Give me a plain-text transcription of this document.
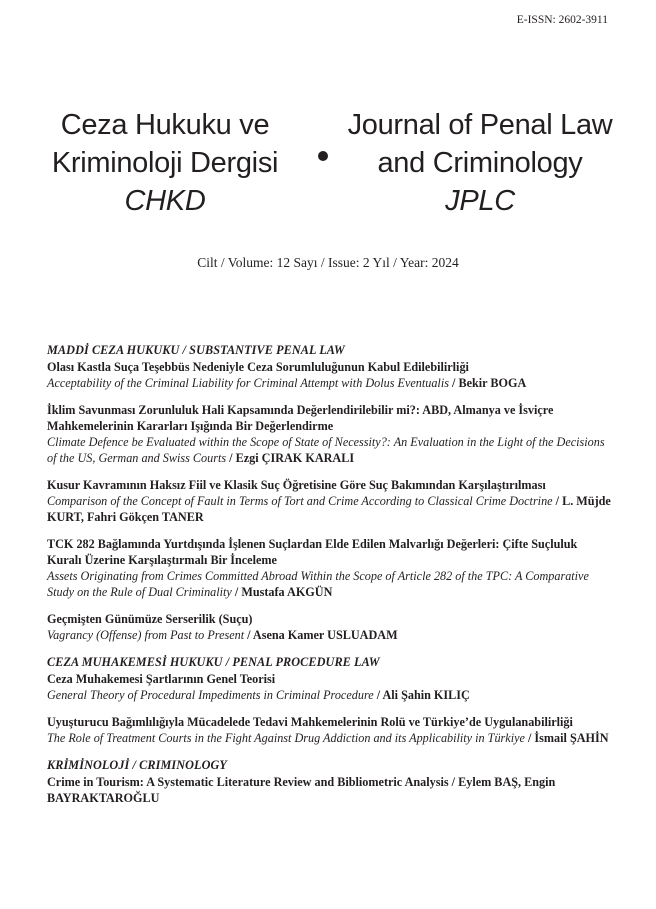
E-ISSN: 2602-3911
Ceza Hukuku ve
Kriminoloji Dergisi
CHKD
Journal of Penal Law
and Criminology
JPLC
Cilt / Volume: 12 Sayı / Issue: 2 Yıl / Year: 2024
MADDİ CEZA HUKUKU / SUBSTANTIVE PENAL LAW
Olası Kastla Suça Teşebbüs Nedeniyle Ceza Sorumluluğunun Kabul Edilebilirliği
Acceptability of the Criminal Liability for Criminal Attempt with Dolus Eventualis / Bekir BOGA
İklim Savunması Zorunluluk Hali Kapsamında Değerlendirilebilir mi?: ABD, Almanya ve İsviçre Mahkemelerinin Kararları Işığında Bir Değerlendirme
Climate Defence be Evaluated within the Scope of State of Necessity?: An Evaluation in the Light of the Decisions of the US, German and Swiss Courts / Ezgi ÇIRAK KARALI
Kusur Kavramının Haksız Fiil ve Klasik Suç Öğretisine Göre Suç Bakımından Karşılaştırılması
Comparison of the Concept of Fault in Terms of Tort and Crime According to Classical Crime Doctrine / L. Müjde KURT, Fahri Gökçen TANER
TCK 282 Bağlamında Yurtdışında İşlenen Suçlardan Elde Edilen Malvarlığı Değerleri: Çifte Suçluluk Kuralı Üzerine Karşılaştırmalı Bir İnceleme
Assets Originating from Crimes Committed Abroad Within the Scope of Article 282 of the TPC: A Comparative Study on the Rule of Dual Criminality / Mustafa AKGÜN
Geçmişten Günümüze Serserilik (Suçu)
Vagrancy (Offense) from Past to Present / Asena Kamer USLUADAM
CEZA MUHAKEMESİ HUKUKU / PENAL PROCEDURE LAW
Ceza Muhakemesi Şartlarının Genel Teorisi
General Theory of Procedural Impediments in Criminal Procedure / Ali Şahin KILIÇ
Uyuşturucu Bağımlılığıyla Mücadelede Tedavi Mahkemelerinin Rolü ve Türkiye’de Uygulanabilirliği
The Role of Treatment Courts in the Fight Against Drug Addiction and its Applicability in Türkiye / İsmail ŞAHİN
KRİMİNOLOJİ / CRIMINOLOGY
Crime in Tourism: A Systematic Literature Review and Bibliometric Analysis / Eylem BAŞ, Engin BAYRAKTAROĞLU
